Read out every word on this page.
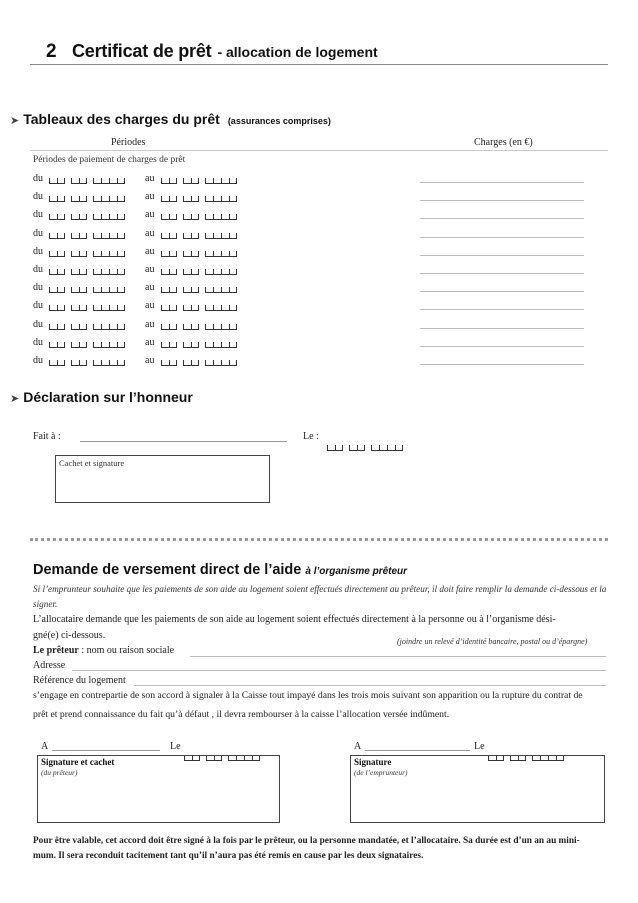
2 Certificat de prêt - allocation de logement
➤ Tableaux des charges du prêt (assurances comprises)
Périodes	Charges (en €)
Périodes de paiement de charges de prêt
du	au
du	au
du	au
du	au
du	au
du	au
du	au
du	au
du	au
du	au
du	au
➤ Déclaration sur l’honneur
Fait à :	Le :
Cachet et signature
Demande de versement direct de l’aide à l’organisme prêteur
Si l’emprunteur souhaite que les paiements de son aide au logement soient effectués directement au prêteur, il doit faire remplir la demande ci-dessous et la signer.
L’allocataire demande que les paiements de son aide au logement soient effectués directement à la personne ou à l’organisme dési-
gné(e) ci-dessous.
(joindre un relevé d’identité bancaire, postal ou d’épargne)
Le prêteur : nom ou raison sociale
Adresse
Référence du logement
s’engage en contrepartie de son accord à signaler à la Caisse tout impayé dans les trois mois suivant son apparition ou la rupture du contrat de
prêt et prend connaissance du fait qu’à défaut , il devra rembourser à la caisse l’allocation versée indûment.
A	Le	A	Le
Signature et cachet
(du prêteur)
Signature
(de l’emprunteur)
Pour être valable, cet accord doit être signé à la fois par le prêteur, ou la personne mandatée, et l’allocataire. Sa durée est d’un an au mini-
mum. Il sera reconduit tacitement tant qu’il n’aura pas été remis en cause par les deux signataires.
